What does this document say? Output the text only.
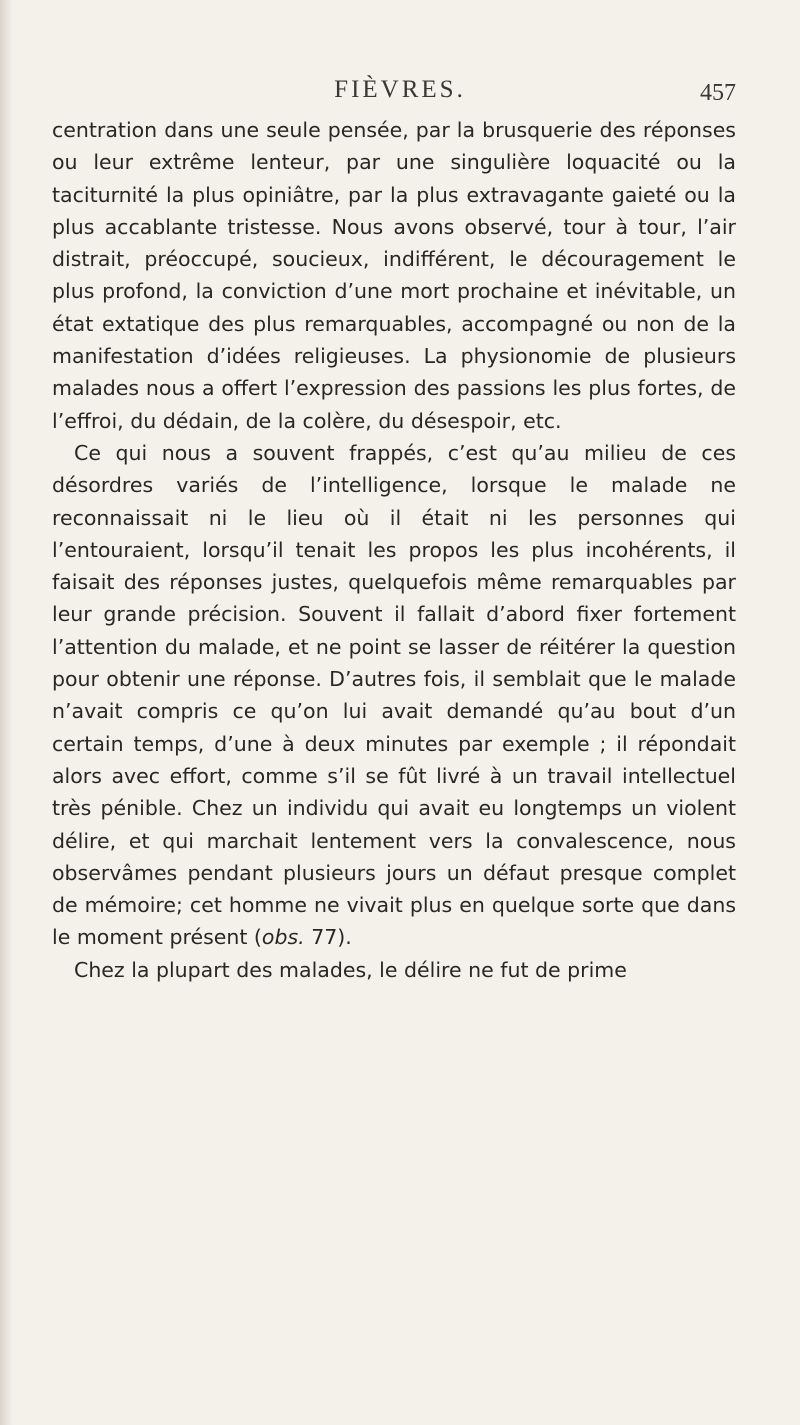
FIÈVRES.	457

centration dans une seule pensée, par la brusquerie des réponses ou leur extrême lenteur, par une singulière loquacité ou la taciturnité la plus opiniâtre, par la plus extravagante gaieté ou la plus accablante tristesse. Nous avons observé, tour à tour, l’air distrait, préoccupé, soucieux, indifférent, le découragement le plus profond, la conviction d’une mort prochaine et inévitable, un état extatique des plus remarquables, accompagné ou non de la manifestation d’idées religieuses. La physionomie de plusieurs malades nous a offert l’expression des passions les plus fortes, de l’effroi, du dédain, de la colère, du désespoir, etc.

Ce qui nous a souvent frappés, c’est qu’au milieu de ces désordres variés de l’intelligence, lorsque le malade ne reconnaissait ni le lieu où il était ni les personnes qui l’entouraient, lorsqu’il tenait les propos les plus incohérents, il faisait des réponses justes, quelquefois même remarquables par leur grande précision. Souvent il fallait d’abord fixer fortement l’attention du malade, et ne point se lasser de réitérer la question pour obtenir une réponse. D’autres fois, il semblait que le malade n’avait compris ce qu’on lui avait demandé qu’au bout d’un certain temps, d’une à deux minutes par exemple ; il répondait alors avec effort, comme s’il se fût livré à un travail intellectuel très pénible. Chez un individu qui avait eu longtemps un violent délire, et qui marchait lentement vers la convalescence, nous observâmes pendant plusieurs jours un défaut presque complet de mémoire; cet homme ne vivait plus en quelque sorte que dans le moment présent (obs. 77).

Chez la plupart des malades, le délire ne fut de prime
